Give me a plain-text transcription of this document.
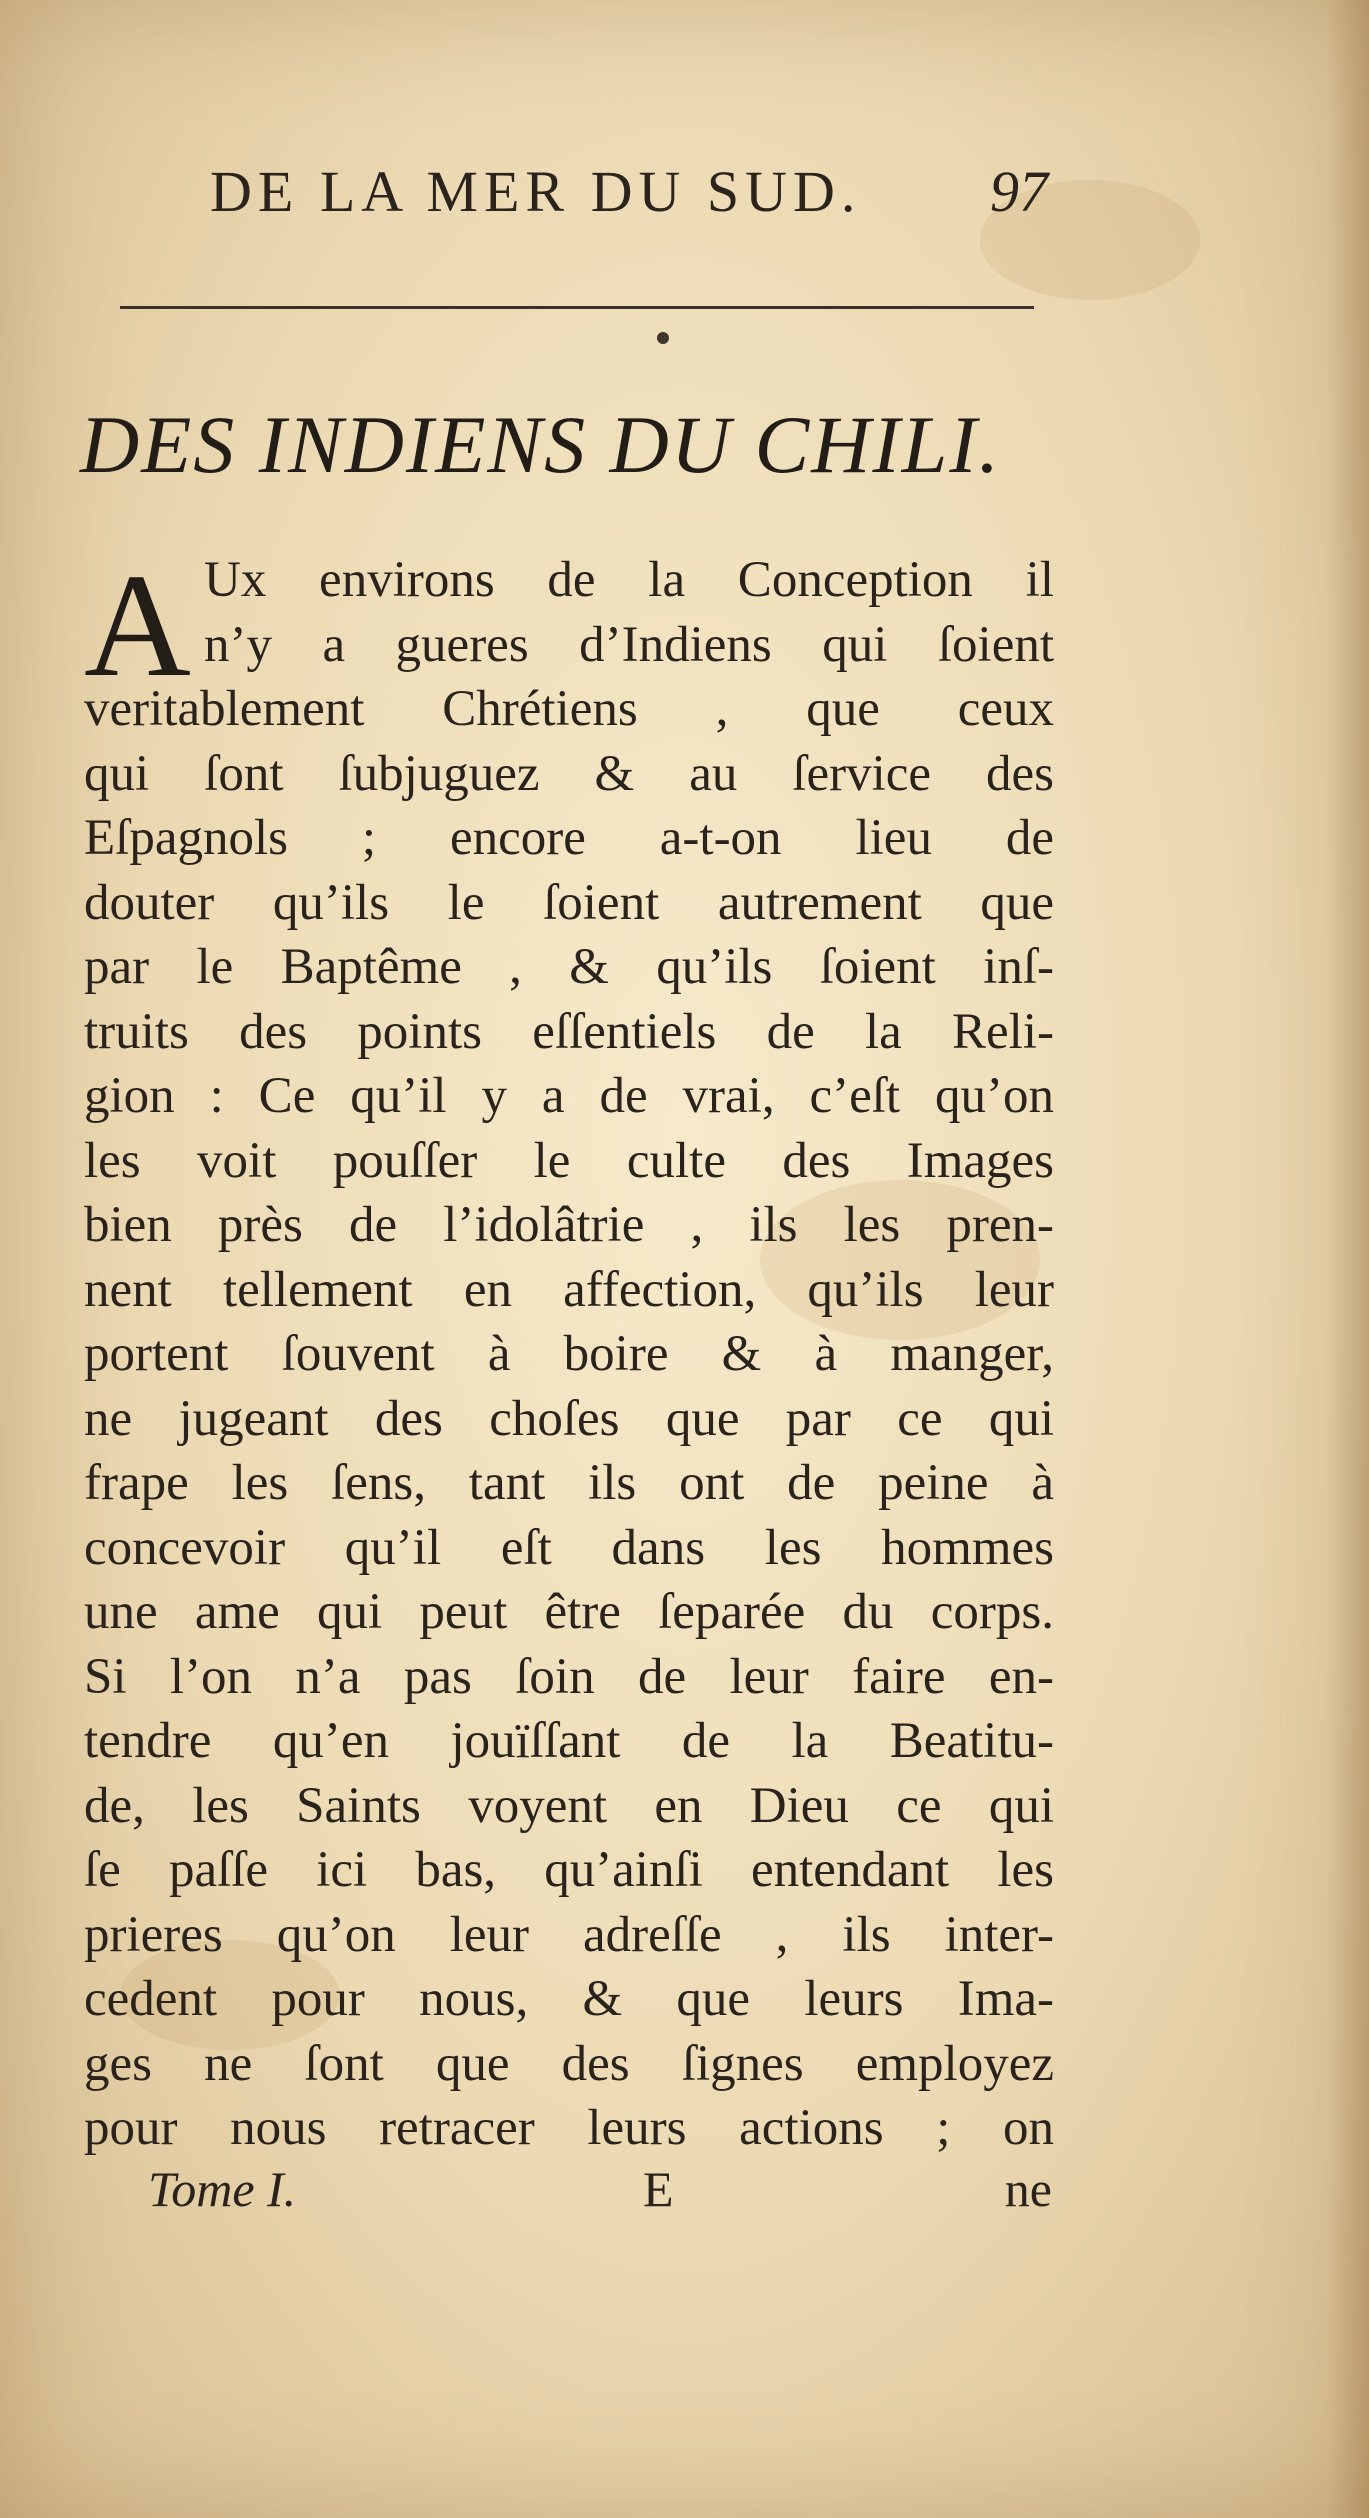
DE LA MER DU SUD. 97
DES INDIENS DU CHILI.
A Ux environs de la Conception il
n’y a gueres d’Indiens qui ſoient
veritablement Chrétiens , que ceux
qui ſont ſubjuguez & au ſervice des
Eſpagnols ; encore a-t-on lieu de
douter qu’ils le ſoient autrement que
par le Baptême , & qu’ils ſoient inſ-
truits des points eſſentiels de la Reli-
gion : Ce qu’il y a de vrai, c’eſt qu’on
les voit pouſſer le culte des Images
bien près de l’idolâtrie , ils les pren-
nent tellement en affection, qu’ils leur
portent ſouvent à boire & à manger,
ne jugeant des choſes que par ce qui
frape les ſens, tant ils ont de peine à
concevoir qu’il eſt dans les hommes
une ame qui peut être ſeparée du corps.
Si l’on n’a pas ſoin de leur faire en-
tendre qu’en jouïſſant de la Beatitu-
de, les Saints voyent en Dieu ce qui
ſe paſſe ici bas, qu’ainſi entendant les
prieres qu’on leur adreſſe , ils inter-
cedent pour nous, & que leurs Ima-
ges ne ſont que des ſignes employez
pour nous retracer leurs actions ; on
Tome I.	E	ne
